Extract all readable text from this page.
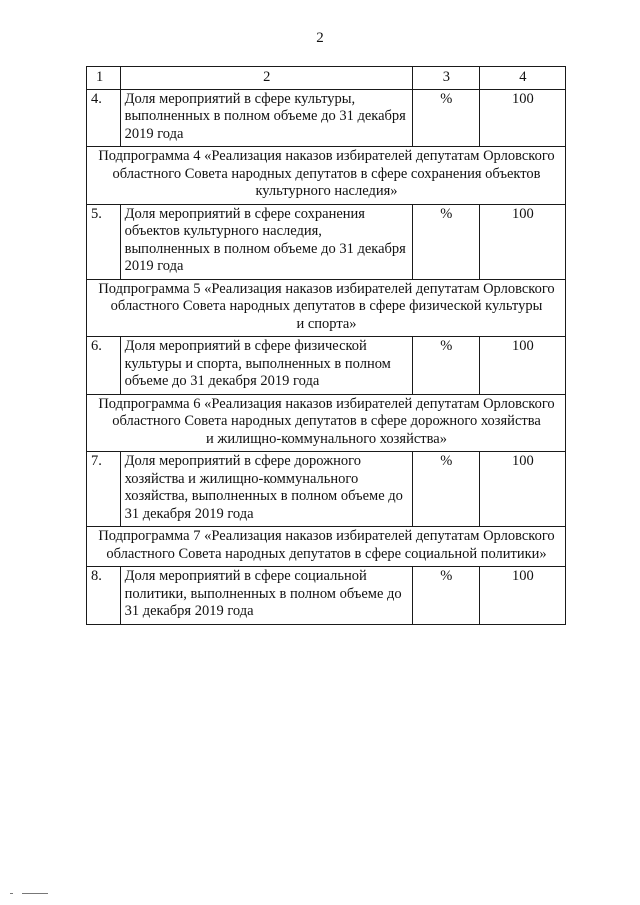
2
1	2	3	4
4.	Доля мероприятий в сфере культуры,
выполненных в полном объеме до 31 декабря
2019 года	%	100

Подпрограмма 4 «Реализация наказов избирателей депутатам Орловского
областного Совета народных депутатов в сфере сохранения объектов
культурного наследия»			

5.	Доля мероприятий в сфере сохранения
объектов культурного наследия,
выполненных в полном объеме до 31 декабря
2019 года	%	100

Подпрограмма 5 «Реализация наказов избирателей депутатам Орловского
областного Совета народных депутатов в сфере физической культуры
и спорта»			

6.	Доля мероприятий в сфере физической
культуры и спорта, выполненных в полном
объеме до 31 декабря 2019 года	%	100

Подпрограмма 6 «Реализация наказов избирателей депутатам Орловского
областного Совета народных депутатов в сфере дорожного хозяйства
и жилищно-коммунального хозяйства»			

7.	Доля мероприятий в сфере дорожного
хозяйства и жилищно-коммунального
хозяйства, выполненных в полном объеме до
31 декабря 2019 года	%	100

Подпрограмма 7 «Реализация наказов избирателей депутатам Орловского
областного Совета народных депутатов в сфере социальной политики»			

8.	Доля мероприятий в сфере социальной
политики, выполненных в полном объеме до
31 декабря 2019 года	%	100
